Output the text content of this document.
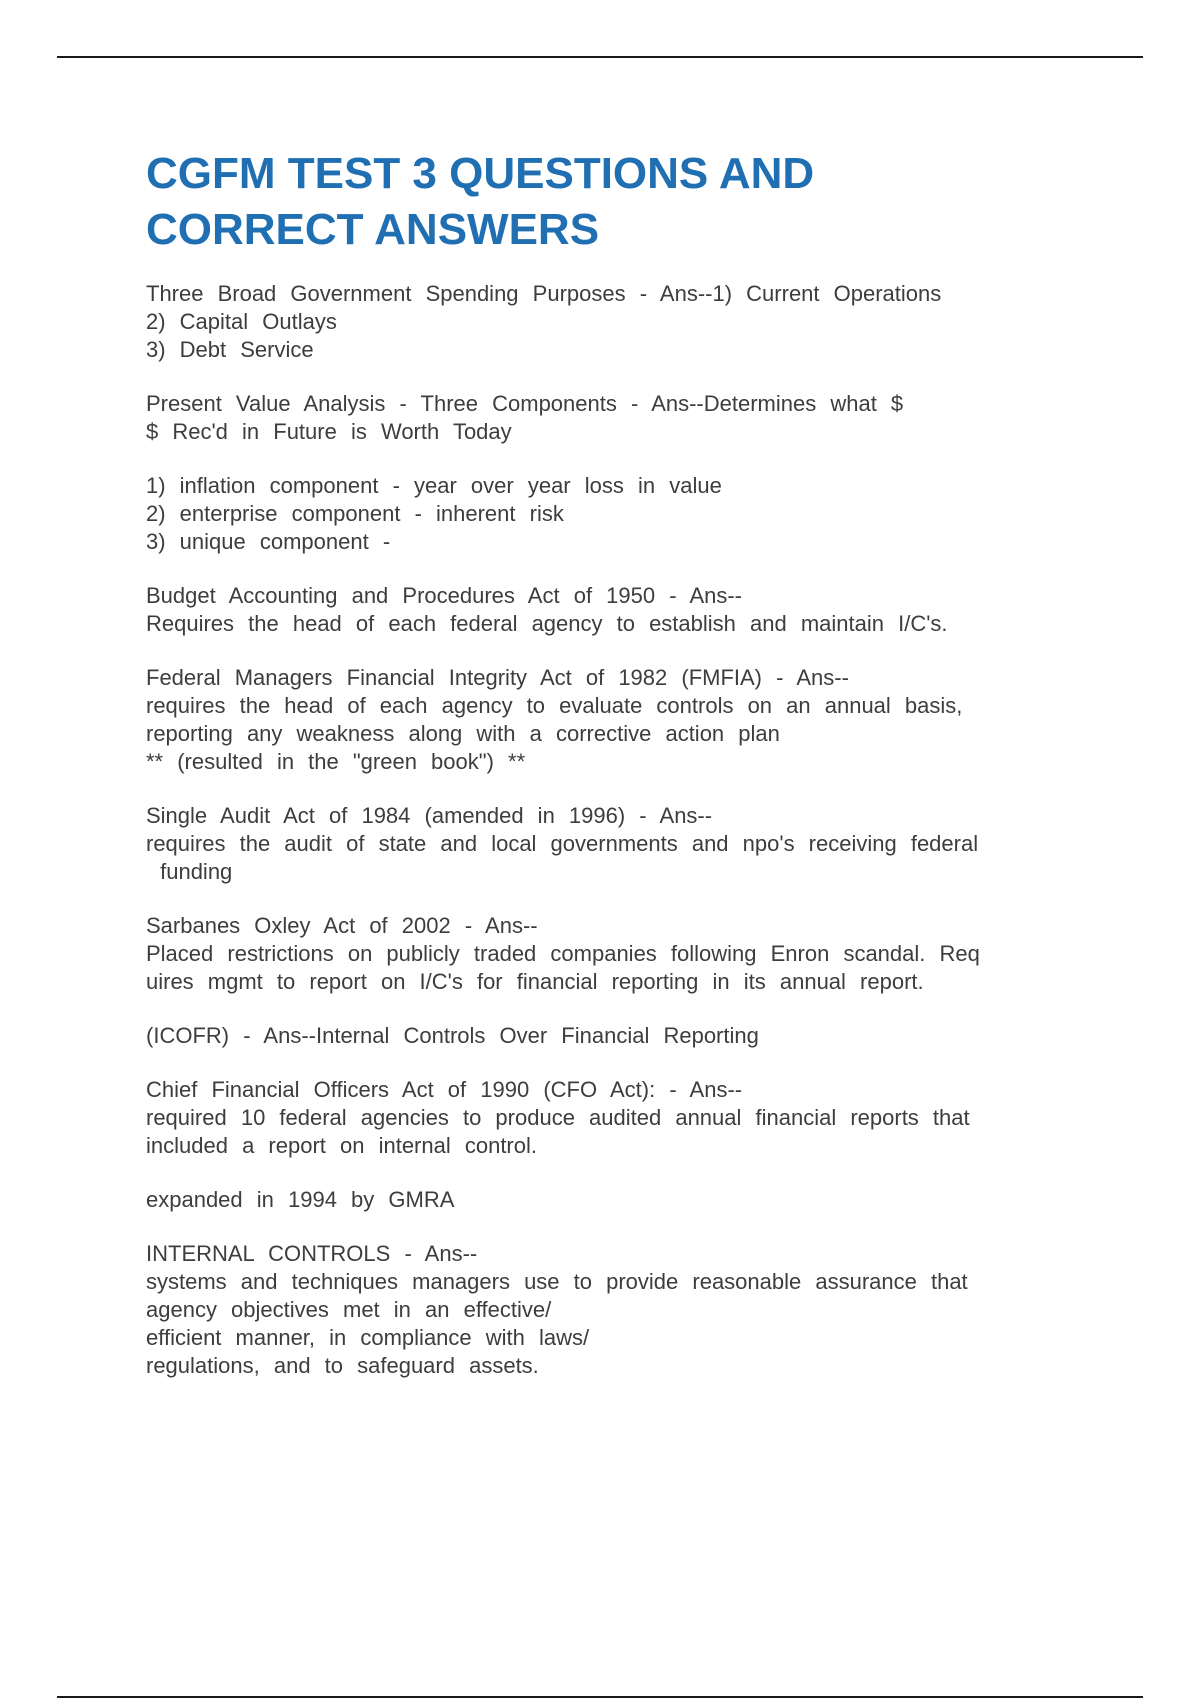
CGFM TEST 3 QUESTIONS AND
CORRECT ANSWERS
Three Broad Government Spending Purposes - Ans--1) Current Operations
2) Capital Outlays
3) Debt Service
Present Value Analysis - Three Components - Ans--Determines what $
$ Rec'd in Future is Worth Today
1) inflation component - year over year loss in value
2) enterprise component - inherent risk
3) unique component -
Budget Accounting and Procedures Act of 1950 - Ans--
Requires the head of each federal agency to establish and maintain I/C's.
Federal Managers Financial Integrity Act of 1982 (FMFIA) - Ans--
requires the head of each agency to evaluate controls on an annual basis,
reporting any weakness along with a corrective action plan
** (resulted in the "green book") **
Single Audit Act of 1984 (amended in 1996) - Ans--
requires the audit of state and local governments and npo's receiving federal
funding
Sarbanes Oxley Act of 2002 - Ans--
Placed restrictions on publicly traded companies following Enron scandal. Req
uires mgmt to report on I/C's for financial reporting in its annual report.
(ICOFR) - Ans--Internal Controls Over Financial Reporting
Chief Financial Officers Act of 1990 (CFO Act): - Ans--
required 10 federal agencies to produce audited annual financial reports that
included a report on internal control.
expanded in 1994 by GMRA
INTERNAL CONTROLS - Ans--
systems and techniques managers use to provide reasonable assurance that
agency objectives met in an effective/
efficient manner, in compliance with laws/
regulations, and to safeguard assets.
